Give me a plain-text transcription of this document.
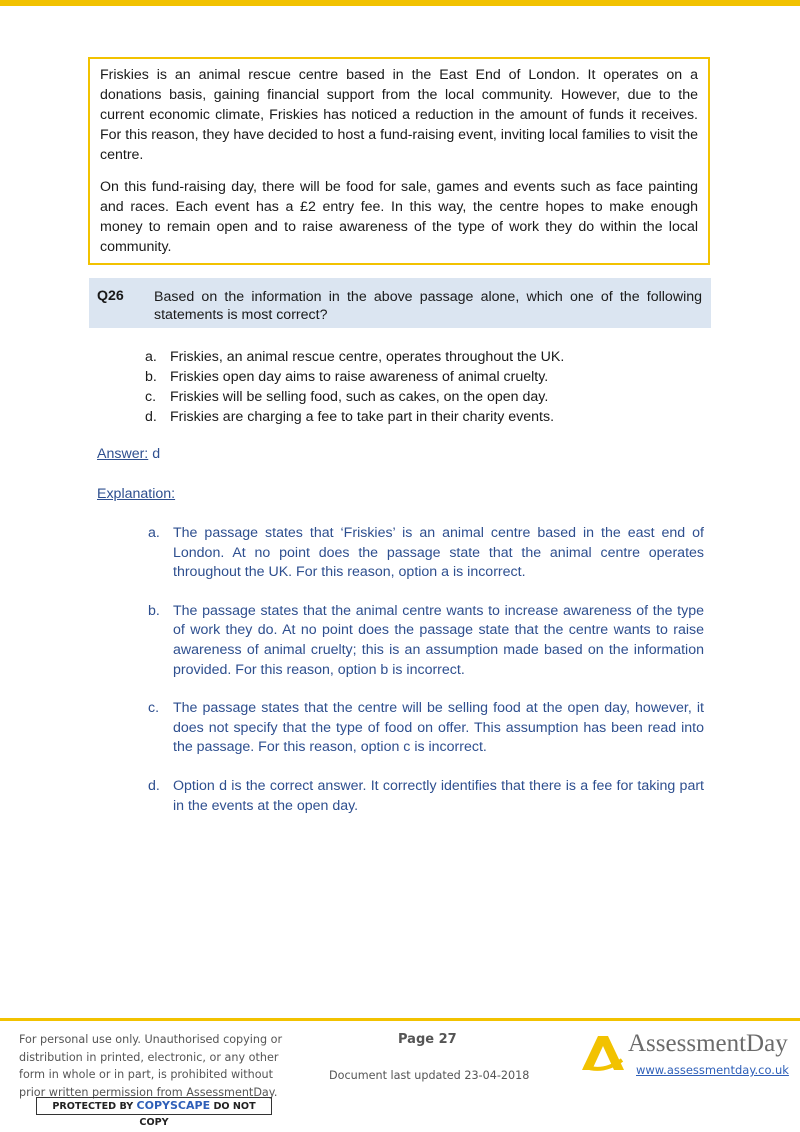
Friskies is an animal rescue centre based in the East End of London. It operates on a donations basis, gaining financial support from the local community. However, due to the current economic climate, Friskies has noticed a reduction in the amount of funds it receives. For this reason, they have decided to host a fund-raising event, inviting local families to visit the centre.

On this fund-raising day, there will be food for sale, games and events such as face painting and races. Each event has a £2 entry fee. In this way, the centre hopes to make enough money to remain open and to raise awareness of the type of work they do within the local community.

Q26 Based on the information in the above passage alone, which one of the following statements is most correct?
a. Friskies, an animal rescue centre, operates throughout the UK.
b. Friskies open day aims to raise awareness of animal cruelty.
c. Friskies will be selling food, such as cakes, on the open day.
d. Friskies are charging a fee to take part in their charity events.
Answer: d
Explanation:
a. The passage states that ‘Friskies’ is an animal centre based in the east end of London. At no point does the passage state that the animal centre operates throughout the UK. For this reason, option a is incorrect.
b. The passage states that the animal centre wants to increase awareness of the type of work they do. At no point does the passage state that the centre wants to raise awareness of animal cruelty; this is an assumption made based on the information provided. For this reason, option b is incorrect.
c. The passage states that the centre will be selling food at the open day, however, it does not specify that the type of food on offer. This assumption has been read into the passage. For this reason, option c is incorrect.
d. Option d is the correct answer. It correctly identifies that there is a fee for taking part in the events at the open day.
For personal use only. Unauthorised copying or distribution in printed, electronic, or any other form in whole or in part, is prohibited without prior written permission from AssessmentDay.
PROTECTED BY COPYSCAPE DO NOT COPY
Page 27
Document last updated 23-04-2018
AssessmentDay
www.assessmentday.co.uk
